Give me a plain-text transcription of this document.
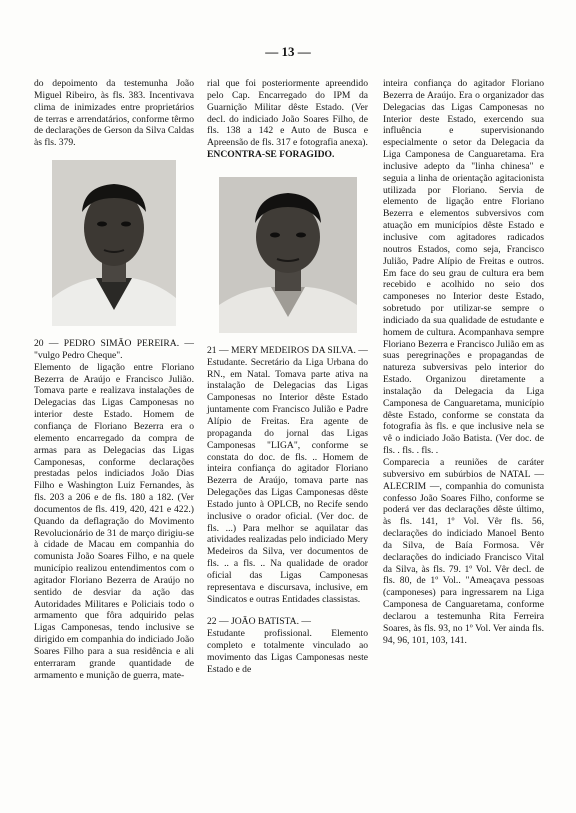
— 13 —

do depoimento da testemunha João Miguel Ribeiro, às fls. 383. Incentivava clima de inimizades entre proprietários de terras e arrendatários, conforme têrmo de declarações de Gerson da Silva Caldas às fls. 379.

20 — PEDRO SIMÃO PEREIRA. — "vulgo Pedro Cheque".

Elemento de ligação entre Floriano Bezerra de Araújo e Francisco Julião. Tomava parte e realizava instalações de Delegacias das Ligas Camponesas no interior deste Estado. Homem de confiança de Floriano Bezerra era o elemento encarregado da compra de armas para as Delegacias das Ligas Camponesas, conforme declarações prestadas pelos indiciados João Dias Filho e Washington Luiz Fernandes, às fls. 203 a 206 e de fls. 180 a 182. (Ver documentos de fls. 419, 420, 421 e 422.) Quando da deflagração do Movimento Revolucionário de 31 de março dirigiu-se à cidade de Macau em companhia do comunista João Soares Filho, e na quele município realizou entendimentos com o agitador Floriano Bezerra de Araújo no sentido de desviar da ação das Autoridades Militares e Policiais todo o armamento que fôra adquirido pelas Ligas Camponesas, tendo inclusive se dirigido em companhia do indiciado João Soares Filho para a sua residência e ali enterraram grande quantidade de armamento e munição de guerra, mate-

rial que foi posteriormente apreendido pelo Cap. Encarregado do IPM da Guarnição Militar dêste Estado. (Ver decl. do indiciado João Soares Filho, de fls. 138 a 142 e Auto de Busca e Apreensão de fls. 317 e fotografia anexa).

ENCONTRA-SE FORAGIDO.

21 — MERY MEDEIROS DA SILVA. —

Estudante. Secretário da Liga Urbana do RN., em Natal. Tomava parte ativa na instalação de Delegacias das Ligas Camponesas no Interior dêste Estado juntamente com Francisco Julião e Padre Alípio de Freitas. Era agente de propaganda do jornal das Ligas Camponesas "LIGA", conforme se constata do doc. de fls. .. Homem de inteira confiança do agitador Floriano Bezerra de Araújo, tomava parte nas Delegações das Ligas Camponesas dêste Estado junto à OPLCB, no Recife sendo inclusive o orador oficial. (Ver doc. de fls. ...) Para melhor se aquilatar das atividades realizadas pelo indiciado Mery Medeiros da Silva, ver documentos de fls. .. a fls. .. Na qualidade de orador oficial das Ligas Camponesas representava e discursava, inclusive, em Sindicatos e outras Entidades classistas.

22 — JOÃO BATISTA. —

Estudante profissional. Elemento completo e totalmente vinculado ao movimento das Ligas Camponesas neste Estado e de

inteira confiança do agitador Floriano Bezerra de Araújo. Era o organizador das Delegacias das Ligas Camponesas no Interior deste Estado, exercendo sua influência e supervisionando especialmente o setor da Delegacia da Liga Camponesa de Canguaretama. Era inclusive adepto da "linha chinesa" e seguia a linha de orientação agitacionista utilizada por Floriano. Servia de elemento de ligação entre Floriano Bezerra e elementos subversivos com atuação em municípios dêste Estado e inclusive com agitadores radicados noutros Estados, como seja, Francisco Julião, Padre Alípio de Freitas e outros. Em face do seu grau de cultura era bem recebido e acolhido no seio dos camponeses no Interior deste Estado, sobretudo por utilizar-se sempre o indiciado da sua qualidade de estudante e homem de cultura. Acompanhava sempre Floriano Bezerra e Francisco Julião em as suas peregrinações e propagandas de natureza subversivas pelo interior do Estado. Organizou diretamente a instalação da Delegacia da Liga Camponesa de Canguaretama, município dêste Estado, conforme se constata da fotografia às fls. e que inclusive nela se vê o indiciado João Batista. (Ver doc. de fls. . fls. . fls. .

Comparecia a reuniões de caráter subversivo em subúrbios de NATAL — ALECRIM —, companhia do comunista confesso João Soares Filho, conforme se poderá ver das declarações dêste último, às fls. 141, 1º Vol. Vêr fls. 56, declarações do indiciado Manoel Bento da Silva, de Baía Formosa. Vêr declarações do indiciado Francisco Vital da Silva, às fls. 79. 1º Vol. Vêr decl. de fls. 80, de 1º Vol.. "Ameaçava pessoas (camponeses) para ingressarem na Liga Camponesa de Canguaretama, conforme declarou a testemunha Rita Ferreira Soares, às fls. 93, no 1º Vol. Ver ainda fls. 94, 96, 101, 103, 141.
